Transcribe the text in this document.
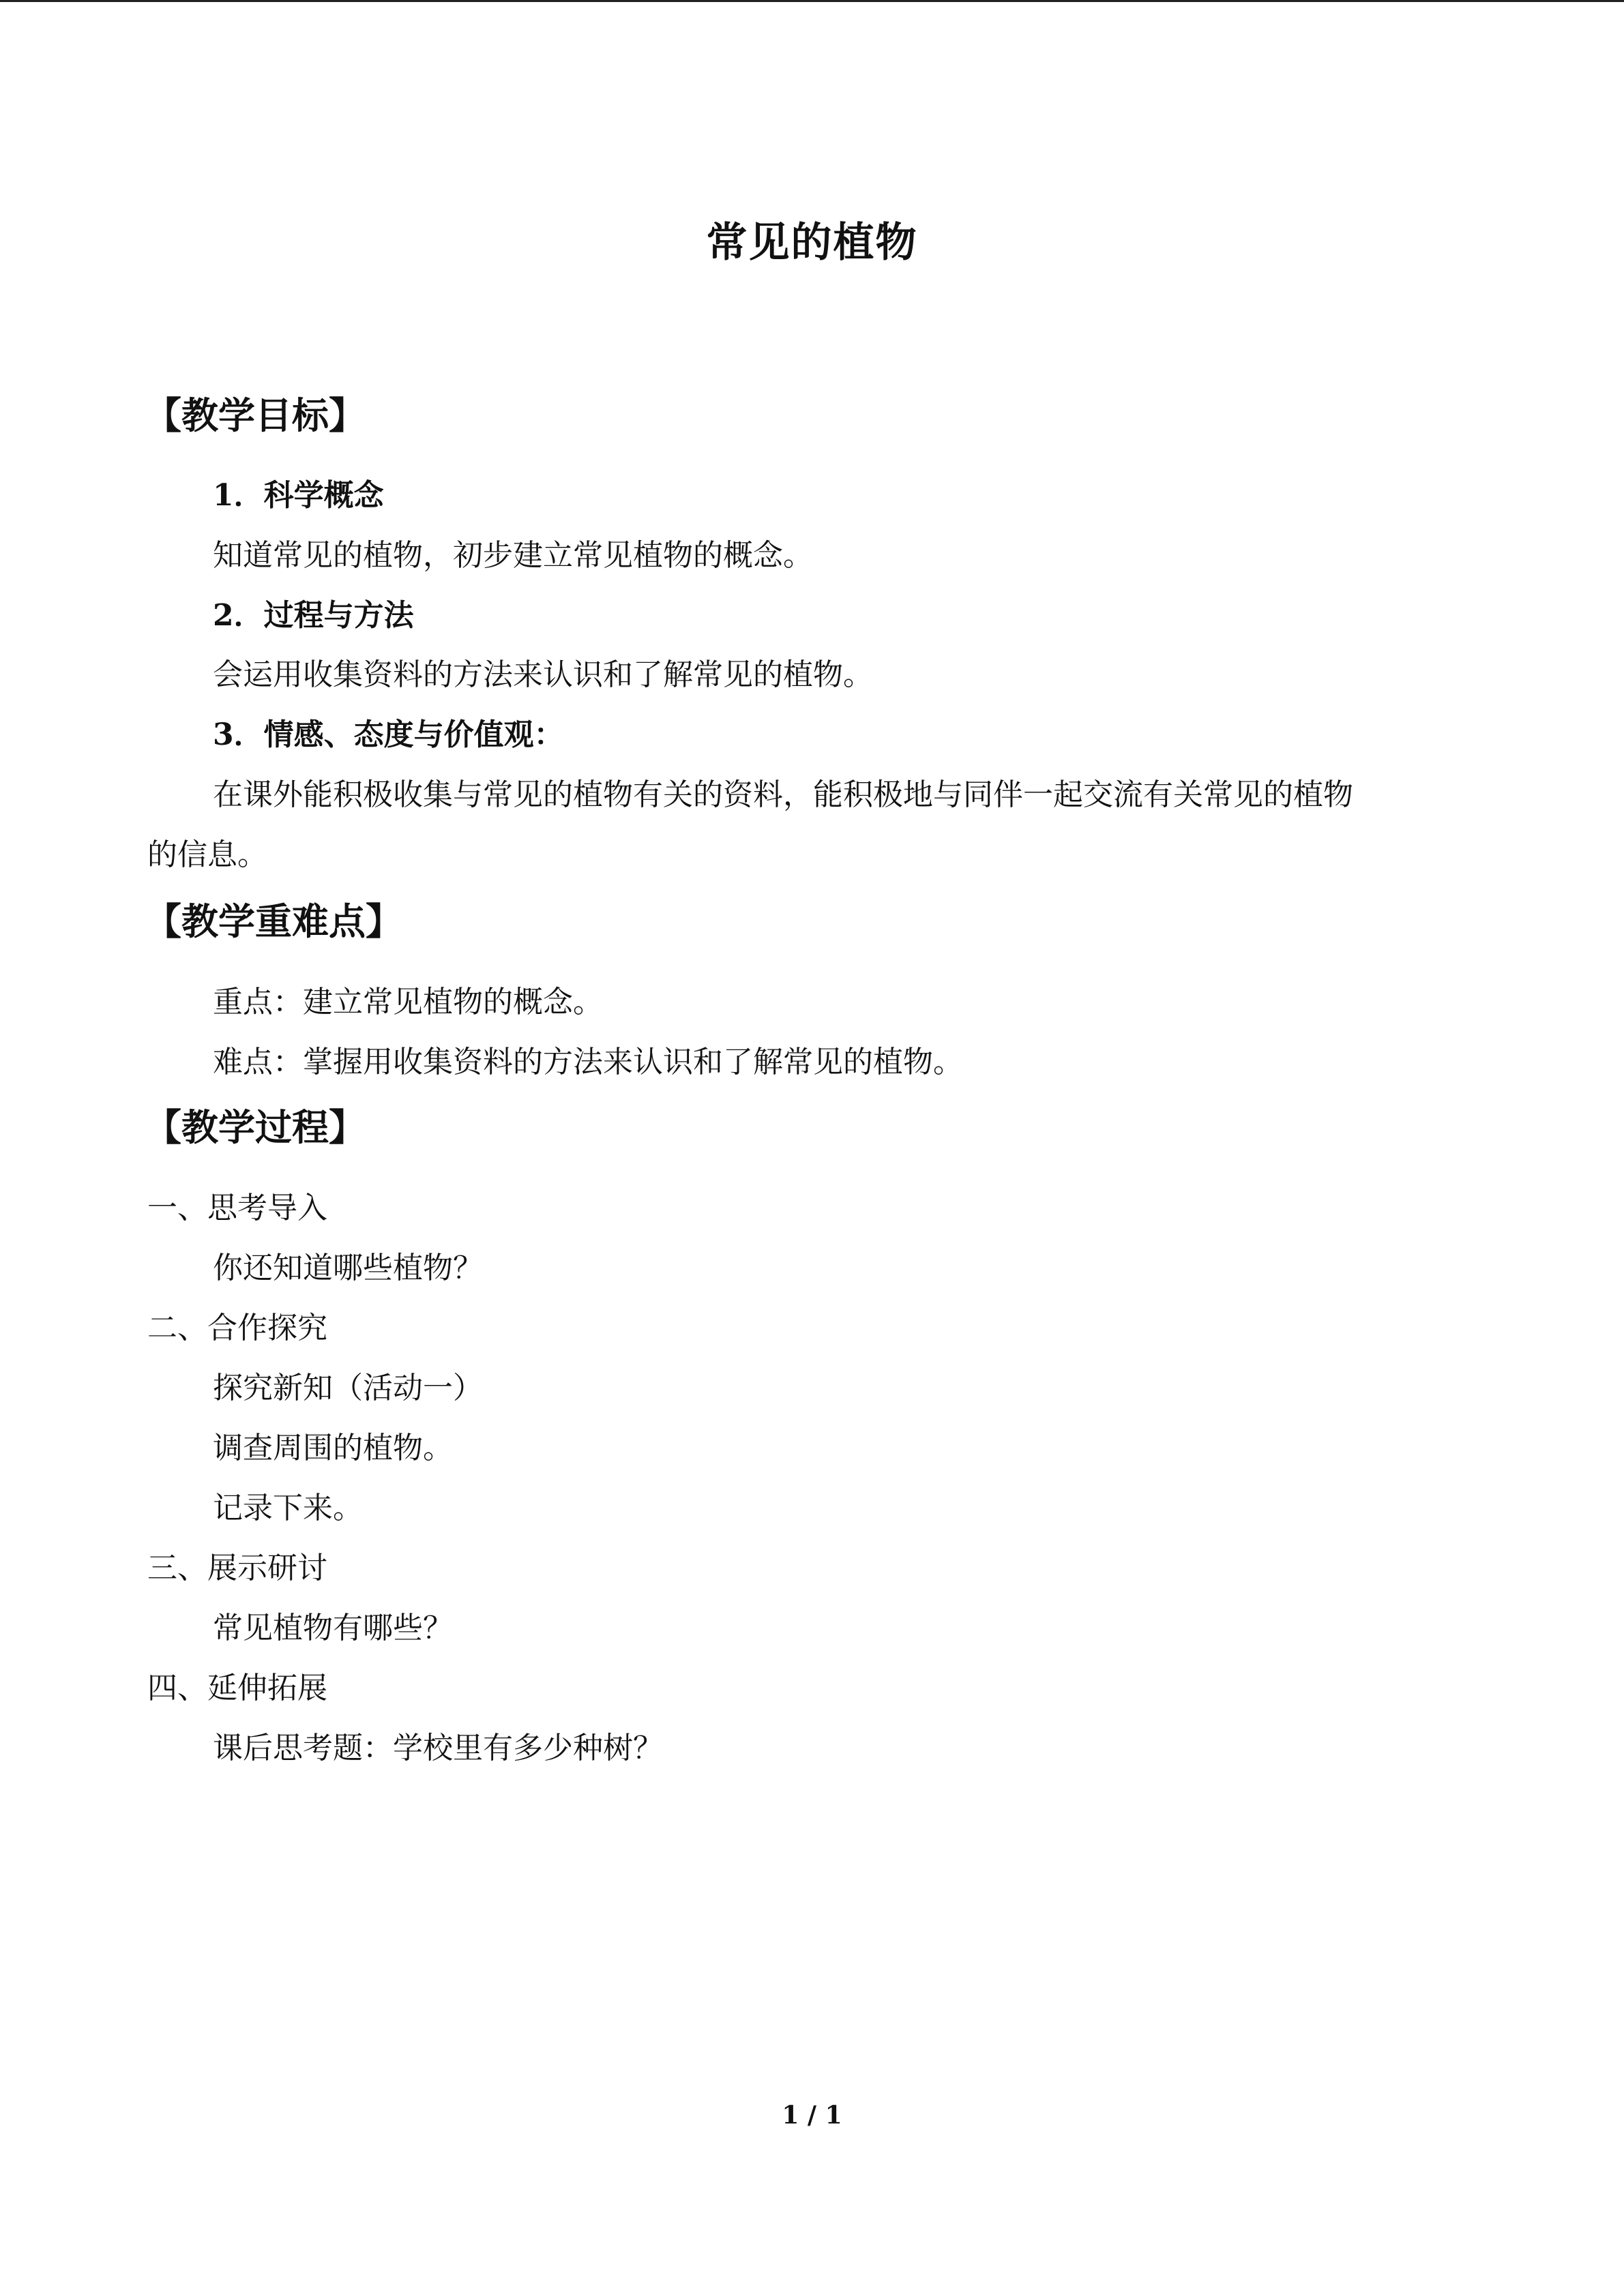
常见的植物
【教学目标】
1．科学概念
知道常见的植物，初步建立常见植物的概念。
2．过程与方法
会运用收集资料的方法来认识和了解常见的植物。
3．情感、态度与价值观：
在课外能积极收集与常见的植物有关的资料，能积极地与同伴一起交流有关常见的植物
的信息。
【教学重难点】
重点：建立常见植物的概念。
难点：掌握用收集资料的方法来认识和了解常见的植物。
【教学过程】
一、思考导入
你还知道哪些植物？
二、合作探究
探究新知（活动一）
调查周围的植物。
记录下来。
三、展示研讨
常见植物有哪些？
四、延伸拓展
课后思考题：学校里有多少种树？
1 / 1
